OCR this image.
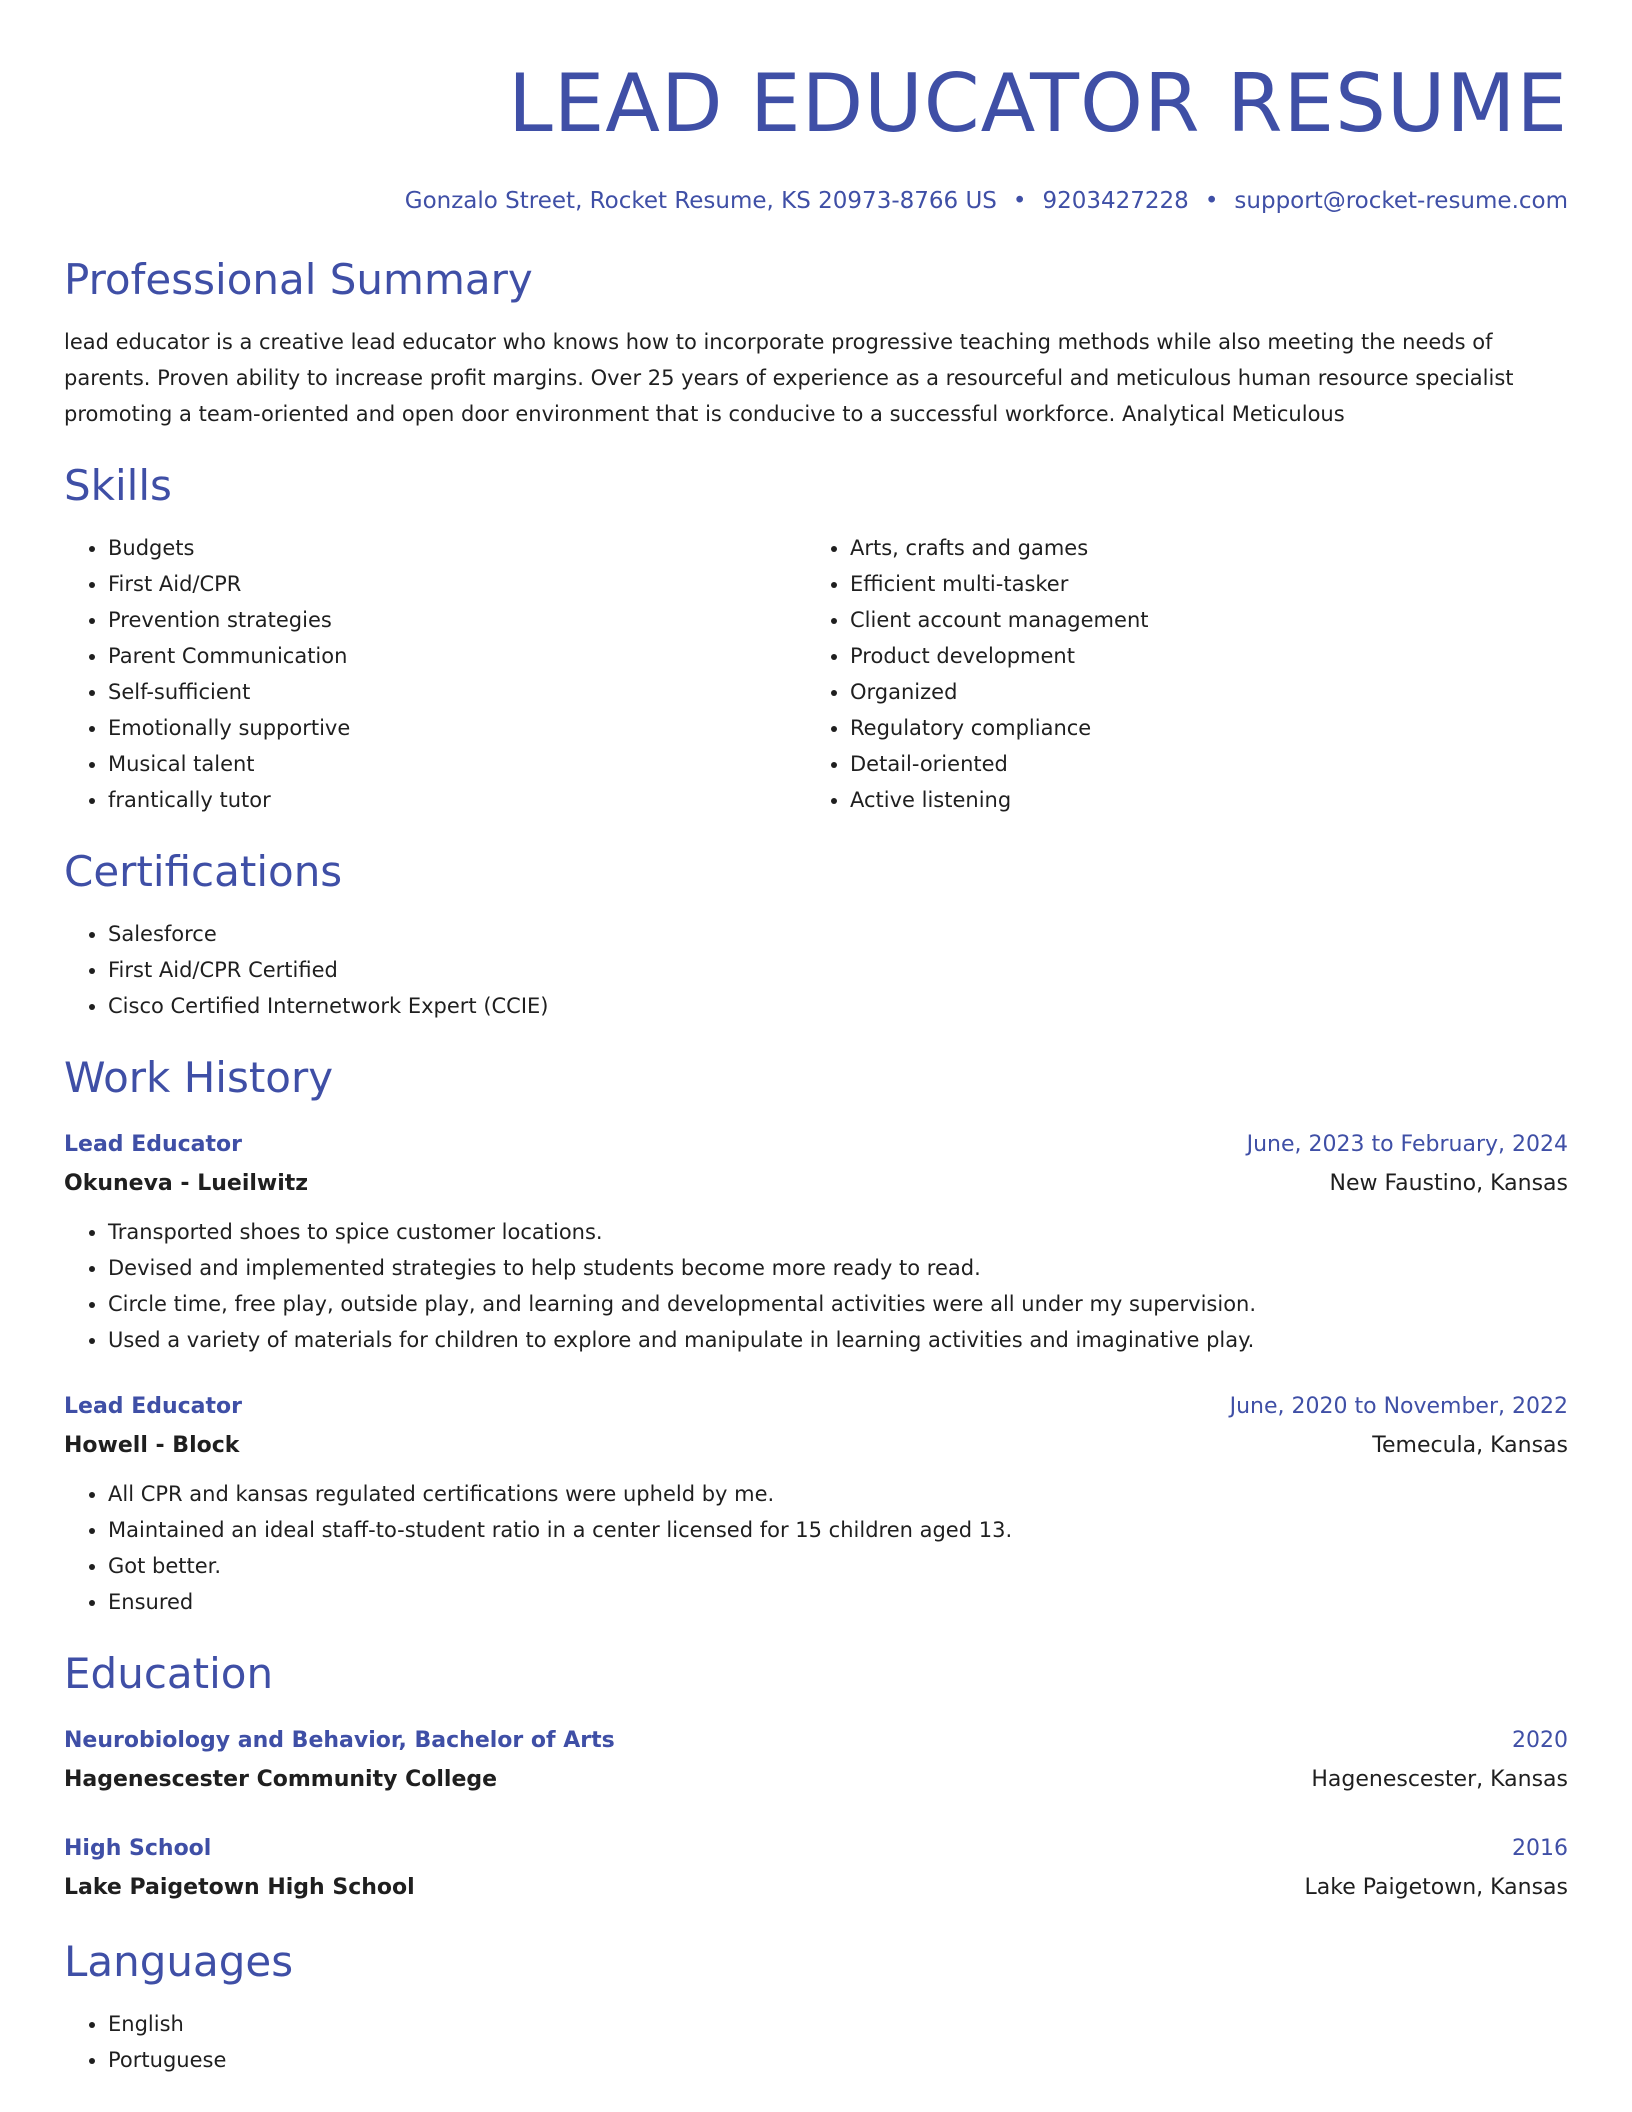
LEAD EDUCATOR RESUME
Gonzalo Street, Rocket Resume, KS 20973-8766 US • 9203427228 • support@rocket-resume.com
Professional Summary

lead educator is a creative lead educator who knows how to incorporate progressive teaching methods while also meeting the needs of parents. Proven ability to increase profit margins. Over 25 years of experience as a resourceful and meticulous human resource specialist promoting a team-oriented and open door environment that is conducive to a successful workforce. Analytical Meticulous

Skills
• Budgets
• First Aid/CPR
• Prevention strategies
• Parent Communication
• Self-sufficient
• Emotionally supportive
• Musical talent
• frantically tutor
• Arts, crafts and games
• Efficient multi-tasker
• Client account management
• Product development
• Organized
• Regulatory compliance
• Detail-oriented
• Active listening
Certifications
• Salesforce
• First Aid/CPR Certified
• Cisco Certified Internetwork Expert (CCIE)
Work History
Lead Educator	June, 2023 to February, 2024
Okuneva - Lueilwitz	New Faustino, Kansas
• Transported shoes to spice customer locations.
• Devised and implemented strategies to help students become more ready to read.
• Circle time, free play, outside play, and learning and developmental activities were all under my supervision.
• Used a variety of materials for children to explore and manipulate in learning activities and imaginative play.
Lead Educator	June, 2020 to November, 2022
Howell - Block	Temecula, Kansas
• All CPR and kansas regulated certifications were upheld by me.
• Maintained an ideal staff-to-student ratio in a center licensed for 15 children aged 13.
• Got better.
• Ensured
Education
Neurobiology and Behavior, Bachelor of Arts	2020
Hagenescester Community College	Hagenescester, Kansas
High School	2016
Lake Paigetown High School	Lake Paigetown, Kansas
Languages
• English
• Portuguese
